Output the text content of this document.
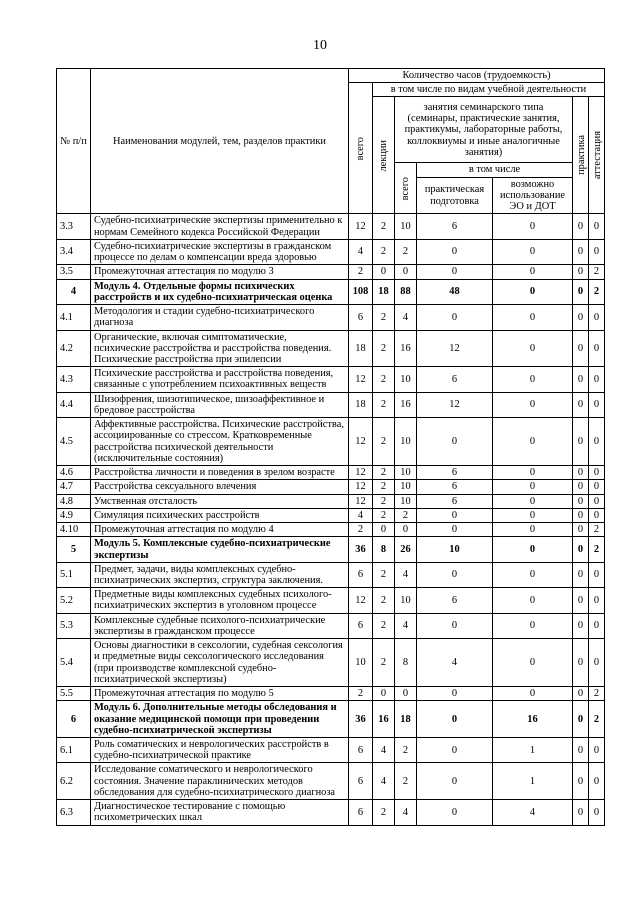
10
№ п/п	Наименования модулей, тем, разделов практики	Количество часов (трудоемкость)						

		всего	в том числе по видам учебной деятельности					

			лекции	занятия семинарского типа (семинары, практические занятия, практикумы, лабораторные работы, коллоквиумы и иные аналогичные занятия)			практика	аттестация

				всего	в том числе			
					практическая подготовка	возможно использование ЭО и ДОТ		
3.3	Судебно-психиатрические экспертизы применительно к нормам Семейного кодекса Российской Федерации	12	2	10	6	0	0	0
3.4	Судебно-психиатрические экспертизы в гражданском процессе по делам о компенсации вреда здоровью	4	2	2	0	0	0	0
3.5	Промежуточная аттестация по модулю 3	2	0	0	0	0	0	2
4	Модуль 4. Отдельные формы психических расстройств и их судебно-психиатрическая оценка	108	18	88	48	0	0	2
4.1	Методология и стадии судебно-психиатрического диагноза	6	2	4	0	0	0	0
4.2	Органические, включая симптоматические, психические расстройства и расстройства поведения. Психические расстройства при эпилепсии	18	2	16	12	0	0	0
4.3	Психические расстройства и расстройства поведения, связанные с употреблением психоактивных веществ	12	2	10	6	0	0	0
4.4	Шизофрения, шизотипическое, шизоаффективное и бредовое расстройства	18	2	16	12	0	0	0
4.5	Аффективные расстройства. Психические расстройства, ассоциированные со стрессом. Кратковременные расстройства психической деятельности (исключительные состояния)	12	2	10	0	0	0	0
4.6	Расстройства личности и поведения в зрелом возрасте	12	2	10	6	0	0	0
4.7	Расстройства сексуального влечения	12	2	10	6	0	0	0
4.8	Умственная отсталость	12	2	10	6	0	0	0
4.9	Симуляция психических расстройств	4	2	2	0	0	0	0
4.10	Промежуточная аттестация по модулю 4	2	0	0	0	0	0	2
5	Модуль 5. Комплексные судебно-психиатрические экспертизы	36	8	26	10	0	0	2
5.1	Предмет, задачи, виды комплексных судебно-психиатрических экспертиз, структура заключения.	6	2	4	0	0	0	0
5.2	Предметные виды комплексных судебных психолого-психиатрических экспертиз в уголовном процессе	12	2	10	6	0	0	0
5.3	Комплексные судебные психолого-психиатрические экспертизы в гражданском процессе	6	2	4	0	0	0	0
5.4	Основы диагностики в сексологии, судебная сексология и предметные виды сексологического исследования (при производстве комплексной судебно-психиатрической экспертизы)	10	2	8	4	0	0	0
5.5	Промежуточная аттестация по модулю 5	2	0	0	0	0	0	2
6	Модуль 6. Дополнительные методы обследования и оказание медицинской помощи при проведении судебно-психиатрической экспертизы	36	16	18	0	16	0	2
6.1	Роль соматических и неврологических расстройств в судебно-психиатрической практике	6	4	2	0	1	0	0
6.2	Исследование соматического и неврологического состояния. Значение параклинических методов обследования для судебно-психиатрического диагноза	6	4	2	0	1	0	0
6.3	Диагностическое тестирование с помощью психометрических шкал	6	2	4	0	4	0	0
